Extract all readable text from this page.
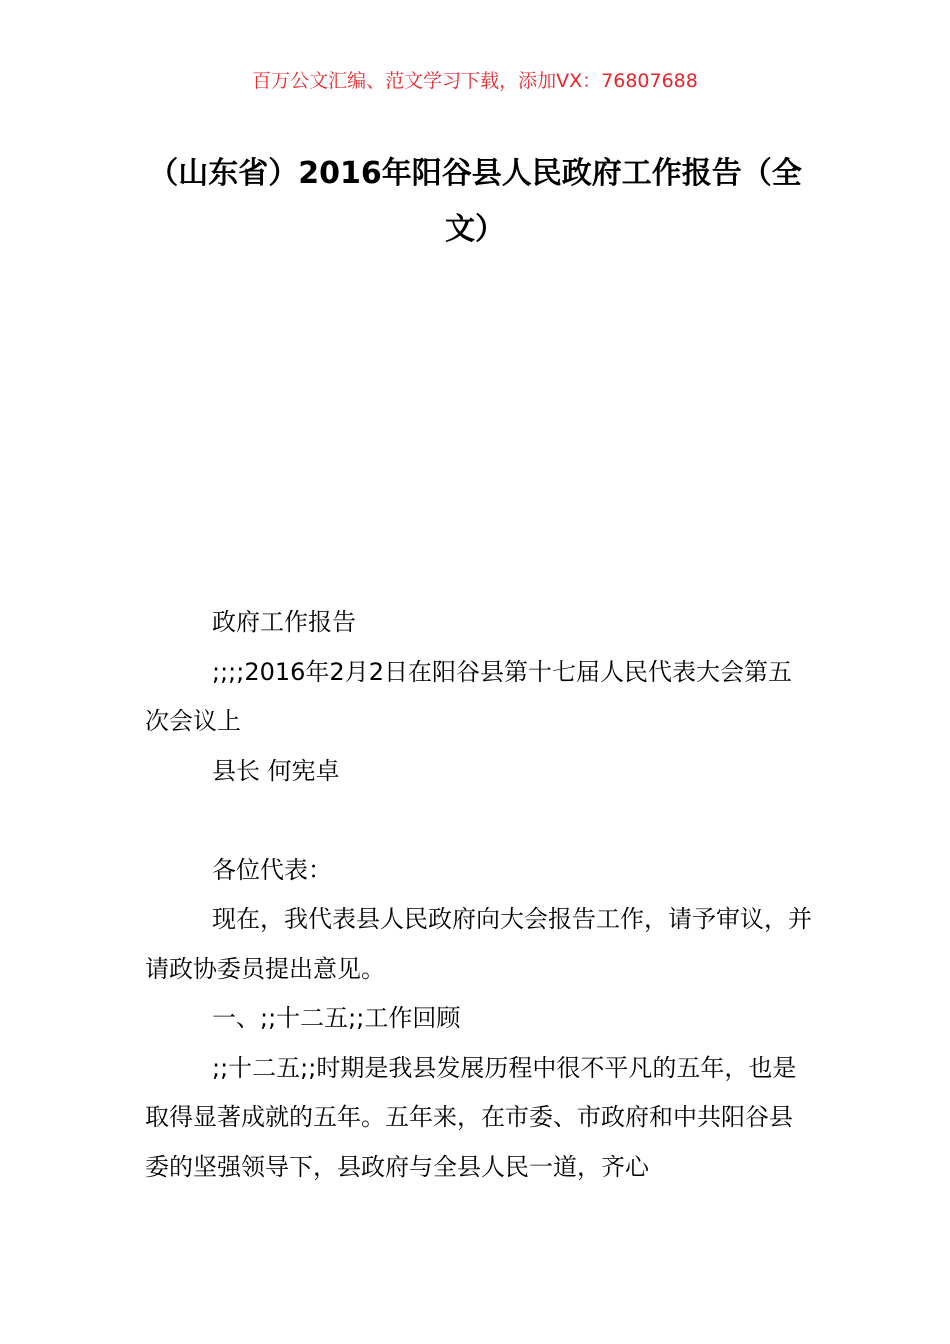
百万公文汇编、范文学习下载，添加VX：76807688
（山东省）2016年阳谷县人民政府工作报告（全文）

政府工作报告

;;;;2016年2月2日在阳谷县第十七届人民代表大会第五次会议上

县长 何宪卓

各位代表：

现在，我代表县人民政府向大会报告工作，请予审议，并请政协委员提出意见。

一、;;十二五;;工作回顾

;;十二五;;时期是我县发展历程中很不平凡的五年，也是取得显著成就的五年。五年来，在市委、市政府和中共阳谷县委的坚强领导下，县政府与全县人民一道，齐心
